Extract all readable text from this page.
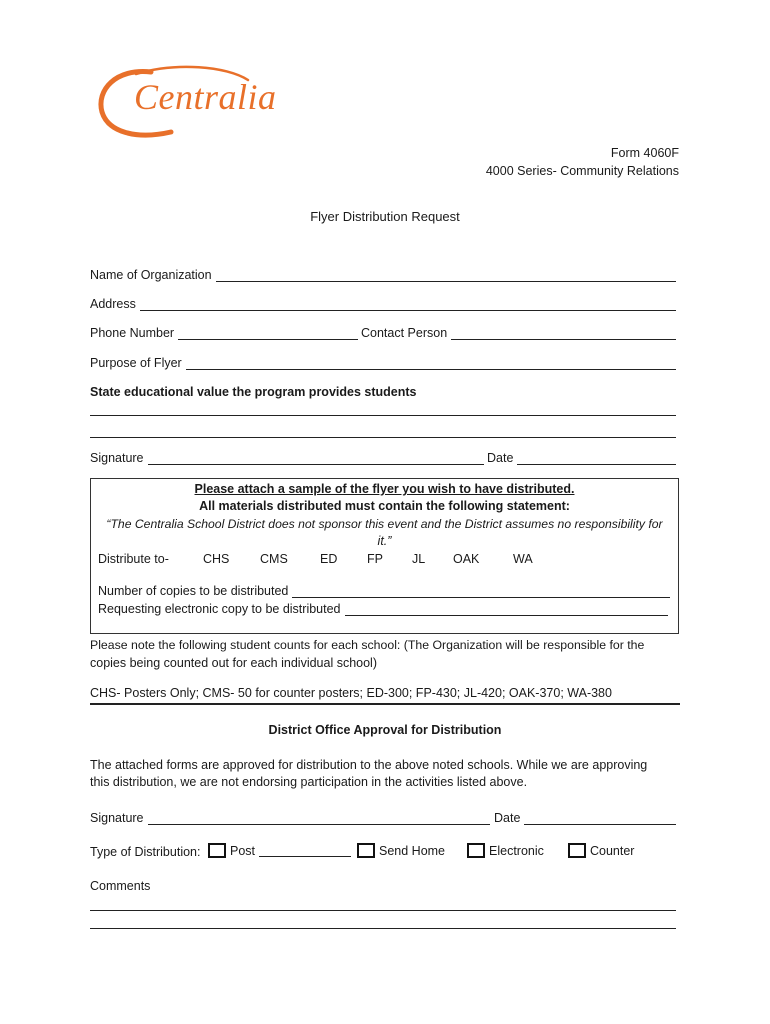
Centralia
Form 4060F
4000 Series- Community Relations
Flyer Distribution Request
Name of Organization
Address
Phone Number	Contact Person
Purpose of Flyer
State educational value the program provides students
Signature	Date
Please attach a sample of the flyer you wish to have distributed.
All materials distributed must contain the following statement:
“The Centralia School District does not sponsor this event and the District assumes no responsibility for
it.”
Distribute to-	CHS CMS	ED FP JL OAK	WA
Number of copies to be distributed
Requesting electronic copy to be distributed
Please note the following student counts for each school: (The Organization will be responsible for the
copies being counted out for each individual school)
CHS- Posters Only; CMS- 50 for counter posters; ED-300; FP-430; JL-420; OAK-370; WA-380
District Office Approval for Distribution
The attached forms are approved for distribution to the above noted schools. While we are approving
this distribution, we are not endorsing participation in the activities listed above.
Signature	Date
Type of Distribution: Post	Send Home	Electronic	Counter
Comments
